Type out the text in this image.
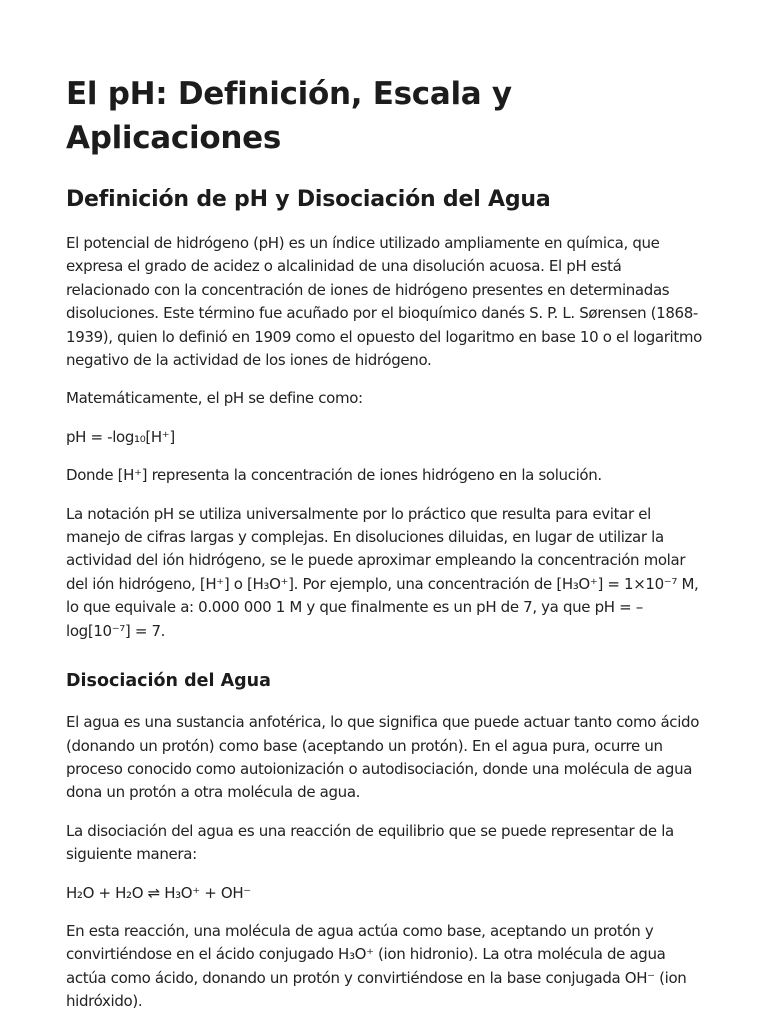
El pH: Definición, Escala y Aplicaciones
Definición de pH y Disociación del Agua

El potencial de hidrógeno (pH) es un índice utilizado ampliamente en química, que expresa el grado de acidez o alcalinidad de una disolución acuosa. El pH está relacionado con la concentración de iones de hidrógeno presentes en determinadas disoluciones. Este término fue acuñado por el bioquímico danés S. P. L. Sørensen (1868-1939), quien lo definió en 1909 como el opuesto del logaritmo en base 10 o el logaritmo negativo de la actividad de los iones de hidrógeno.

Matemáticamente, el pH se define como:

pH = -log₁₀[H⁺]

Donde [H⁺] representa la concentración de iones hidrógeno en la solución.

La notación pH se utiliza universalmente por lo práctico que resulta para evitar el manejo de cifras largas y complejas. En disoluciones diluidas, en lugar de utilizar la actividad del ión hidrógeno, se le puede aproximar empleando la concentración molar del ión hidrógeno, [H⁺] o [H₃O⁺]. Por ejemplo, una concentración de [H₃O⁺] = 1×10⁻⁷ M, lo que equivale a: 0.000 000 1 M y que finalmente es un pH de 7, ya que pH = –log[10⁻⁷] = 7.

Disociación del Agua

El agua es una sustancia anfotérica, lo que significa que puede actuar tanto como ácido (donando un protón) como base (aceptando un protón). En el agua pura, ocurre un proceso conocido como autoionización o autodisociación, donde una molécula de agua dona un protón a otra molécula de agua.

La disociación del agua es una reacción de equilibrio que se puede representar de la siguiente manera:

H₂O + H₂O ⇌ H₃O⁺ + OH⁻

En esta reacción, una molécula de agua actúa como base, aceptando un protón y convirtiéndose en el ácido conjugado H₃O⁺ (ion hidronio). La otra molécula de agua actúa como ácido, donando un protón y convirtiéndose en la base conjugada OH⁻ (ion hidróxido).
